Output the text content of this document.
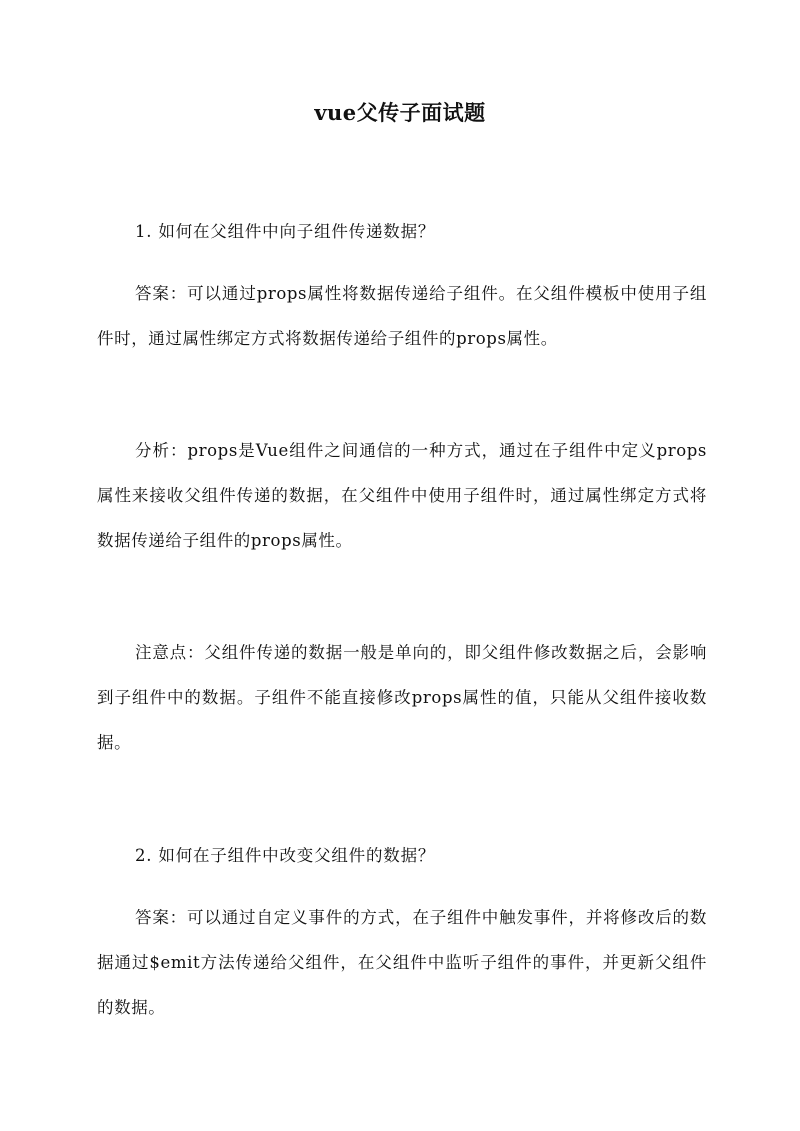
vue父传子面试题

1. 如何在父组件中向子组件传递数据？

答案：可以通过props属性将数据传递给子组件。在父组件模板中使用子组件时，通过属性绑定方式将数据传递给子组件的props属性。

分析：props是Vue组件之间通信的一种方式，通过在子组件中定义props属性来接收父组件传递的数据，在父组件中使用子组件时，通过属性绑定方式将数据传递给子组件的props属性。

注意点：父组件传递的数据一般是单向的，即父组件修改数据之后，会影响到子组件中的数据。子组件不能直接修改props属性的值，只能从父组件接收数据。

2. 如何在子组件中改变父组件的数据？

答案：可以通过自定义事件的方式，在子组件中触发事件，并将修改后的数据通过$emit方法传递给父组件，在父组件中监听子组件的事件，并更新父组件的数据。
